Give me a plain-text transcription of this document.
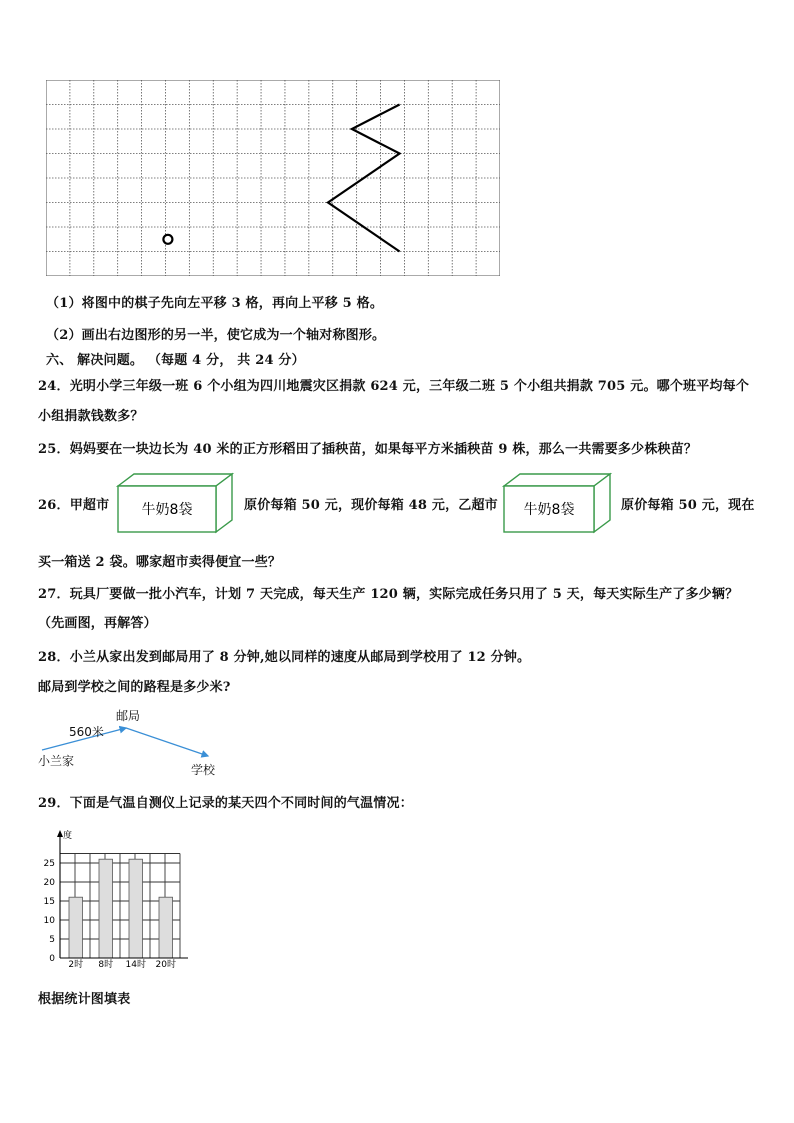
（1）将图中的棋子先向左平移 3 格，再向上平移 5 格。
（2）画出右边图形的另一半，使它成为一个轴对称图形。
六、 解决问题。 （每题 4 分， 共 24 分）
24．光明小学三年级一班 6 个小组为四川地震灾区捐款 624 元，三年级二班 5 个小组共捐款 705 元。哪个班平均每个
小组捐款钱数多？
25．妈妈要在一块边长为 40 米的正方形稻田了插秧苗，如果每平方米插秧苗 9 株，那么一共需要多少株秧苗？
26．甲超市 牛奶8袋	原价每箱 50 元，现价每箱 48 元，乙超市 牛奶8袋	原价每箱 50 元，现在
买一箱送 2 袋。哪家超市卖得便宜一些？
27．玩具厂要做一批小汽车，计划 7 天完成，每天生产 120 辆，实际完成任务只用了 5 天，每天实际生产了多少辆？
（先画图，再解答）
28．小兰从家出发到邮局用了 8 分钟,她以同样的速度从邮局到学校用了 12 分钟。
邮局到学校之间的路程是多少米?
邮局
560米
小兰家
学校
29．下面是气温自测仪上记录的某天四个不同时间的气温情况：
2时 8时 14时 20时
度
0
5
10
15
20
25
根据统计图填表
